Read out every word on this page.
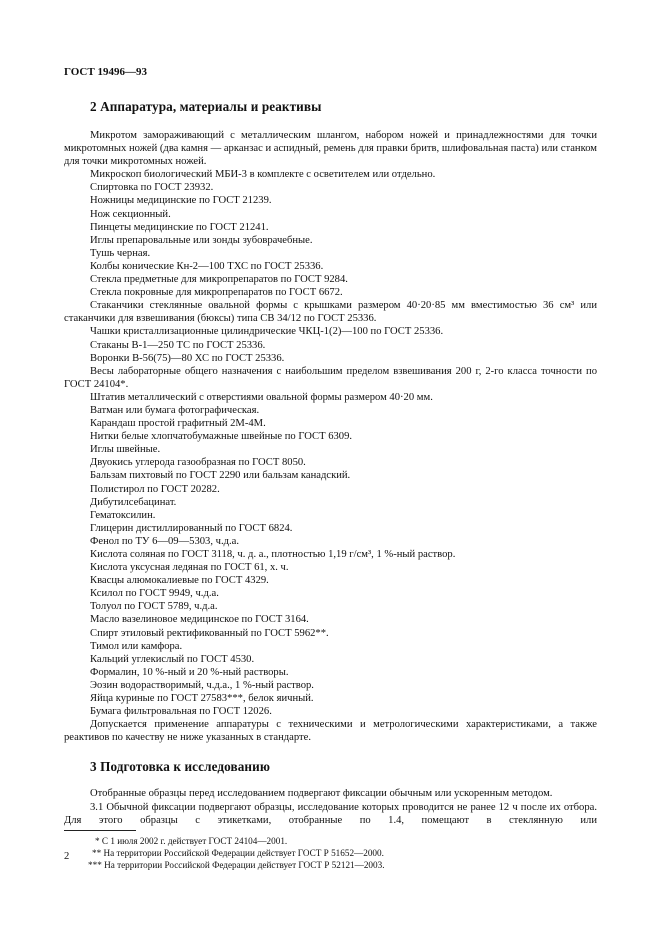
ГОСТ 19496—93
2 Аппаратура, материалы и реактивы

Микротом замораживающий с металлическим шлангом, набором ножей и принадлежностями для точки микротомных ножей (два камня — арканзас и аспидный, ремень для правки бритв, шлифовальная паста) или станком для точки микротомных ножей.

Микроскоп биологический МБИ-3 в комплекте с осветителем или отдельно.

Спиртовка по ГОСТ 23932.

Ножницы медицинские по ГОСТ 21239.

Нож секционный.

Пинцеты медицинские по ГОСТ 21241.

Иглы препаровальные или зонды зубоврачебные.

Тушь черная.

Колбы конические Кн-2—100 ТХС по ГОСТ 25336.

Стекла предметные для микропрепаратов по ГОСТ 9284.

Стекла покровные для микропрепаратов по ГОСТ 6672.

Стаканчики стеклянные овальной формы с крышками размером 40·20·85 мм вместимостью 36 см³ или стаканчики для взвешивания (бюксы) типа СВ 34/12 по ГОСТ 25336.

Чашки кристаллизационные цилиндрические ЧКЦ-1(2)—100 по ГОСТ 25336.

Стаканы В-1—250 ТС по ГОСТ 25336.

Воронки В-56(75)—80 ХС по ГОСТ 25336.

Весы лабораторные общего назначения с наибольшим пределом взвешивания 200 г, 2-го класса точности по ГОСТ 24104*.

Штатив металлический с отверстиями овальной формы размером 40·20 мм.

Ватман или бумага фотографическая.

Карандаш простой графитный 2М-4М.

Нитки белые хлопчатобумажные швейные по ГОСТ 6309.

Иглы швейные.

Двуокись углерода газообразная по ГОСТ 8050.

Бальзам пихтовый по ГОСТ 2290 или бальзам канадский.

Полистирол по ГОСТ 20282.

Дибутилсебацинат.

Гематоксилин.

Глицерин дистиллированный по ГОСТ 6824.

Фенол по ТУ 6—09—5303, ч.д.а.

Кислота соляная по ГОСТ 3118, ч. д. а., плотностью 1,19 г/см³, 1 %-ный раствор.

Кислота уксусная ледяная по ГОСТ 61, х. ч.

Квасцы алюмокалиевые по ГОСТ 4329.

Ксилол по ГОСТ 9949, ч.д.а.

Толуол по ГОСТ 5789, ч.д.а.

Масло вазелиновое медицинское по ГОСТ 3164.

Спирт этиловый ректификованный по ГОСТ 5962**.

Тимол или камфора.

Кальций углекислый по ГОСТ 4530.

Формалин, 10 %-ный и 20 %-ный растворы.

Эозин водорастворимый, ч.д.а., 1 %-ный раствор.

Яйца куриные по ГОСТ 27583***, белок яичный.

Бумага фильтровальная по ГОСТ 12026.

Допускается применение аппаратуры с техническими и метрологическими характеристиками, а также реактивов по качеству не ниже указанных в стандарте.

3 Подготовка к исследованию

Отобранные образцы перед исследованием подвергают фиксации обычным или ускоренным методом.

3.1 Обычной фиксации подвергают образцы, исследование которых проводится не ранее 12 ч после их отбора. Для этого образцы с этикетками, отобранные по 1.4, помещают в стеклянную или

* С 1 июля 2002 г. действует ГОСТ 24104—2001.

** На территории Российской Федерации действует ГОСТ Р 51652—2000.

*** На территории Российской Федерации действует ГОСТ Р 52121—2003.

2
